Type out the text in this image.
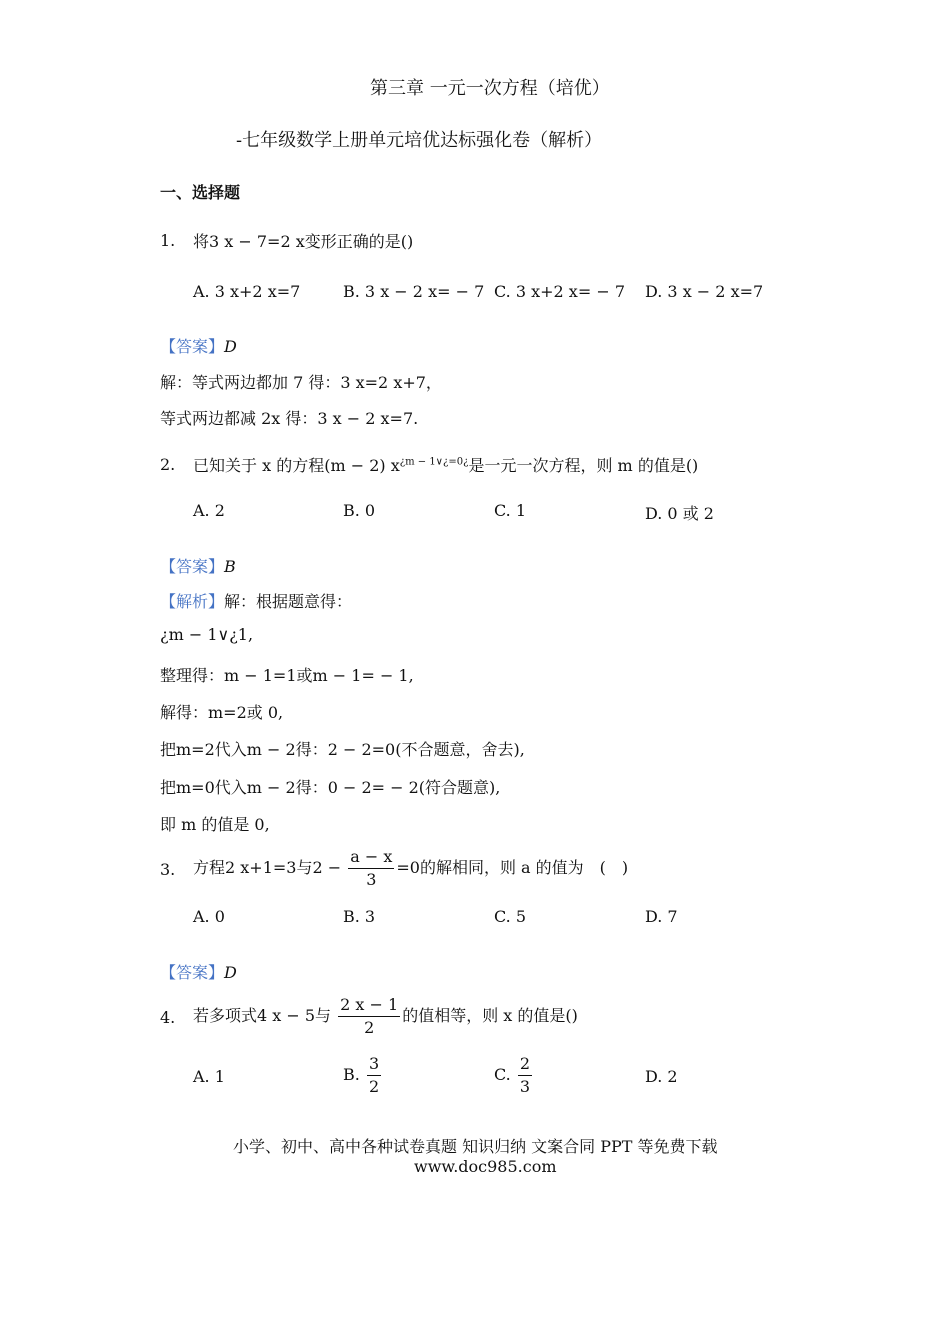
第三章 一元一次方程（培优）
-七年级数学上册单元培优达标强化卷（解析）
一、选择题
1. 将3 x − 7=2 x变形正确的是()
A. 3 x+2 x=7	B. 3 x − 2 x= − 7 C. 3 x+2 x= − 7 D. 3 x − 2 x=7
【答案】D
解：等式两边都加 7 得：3 x=2 x+7，
等式两边都减 2x 得：3 x − 2 x=7.
2. 已知关于 x 的方程(m − 2) $x^{¿m - 1\vee¿=0¿}$是一元一次方程，则 m 的值是()
A. 2	B. 0	C. 1	D. 0 或 2
【答案】B
【解析】解：根据题意得：
¿m − 1∨¿1,
整理得：m − 1=1或m − 1= − 1,
解得：m=2或 0,
把m=2代入m − 2得：2 − 2=0(不合题意，舍去),
把m=0代入m − 2得：0 − 2= − 2(符合题意),
即 m 的值是 0,
3. 方程2 x+1=3与$2 - \frac{a - x}{3} =0$的解相同，则 a 的值为　(　)
A. 0	B. 3	C. 5	D. 7
【答案】D
4. 若多项式4 x − 5与 $\frac{2 x - 1}{2}$ 的值相等，则 x 的值是()
A. 1	B. $\frac{3}{2}$	C. $\frac{2}{3}$	D. 2
小学、初中、高中各种试卷真题 知识归纳 文案合同 PPT 等免费下载
www.doc985.com
